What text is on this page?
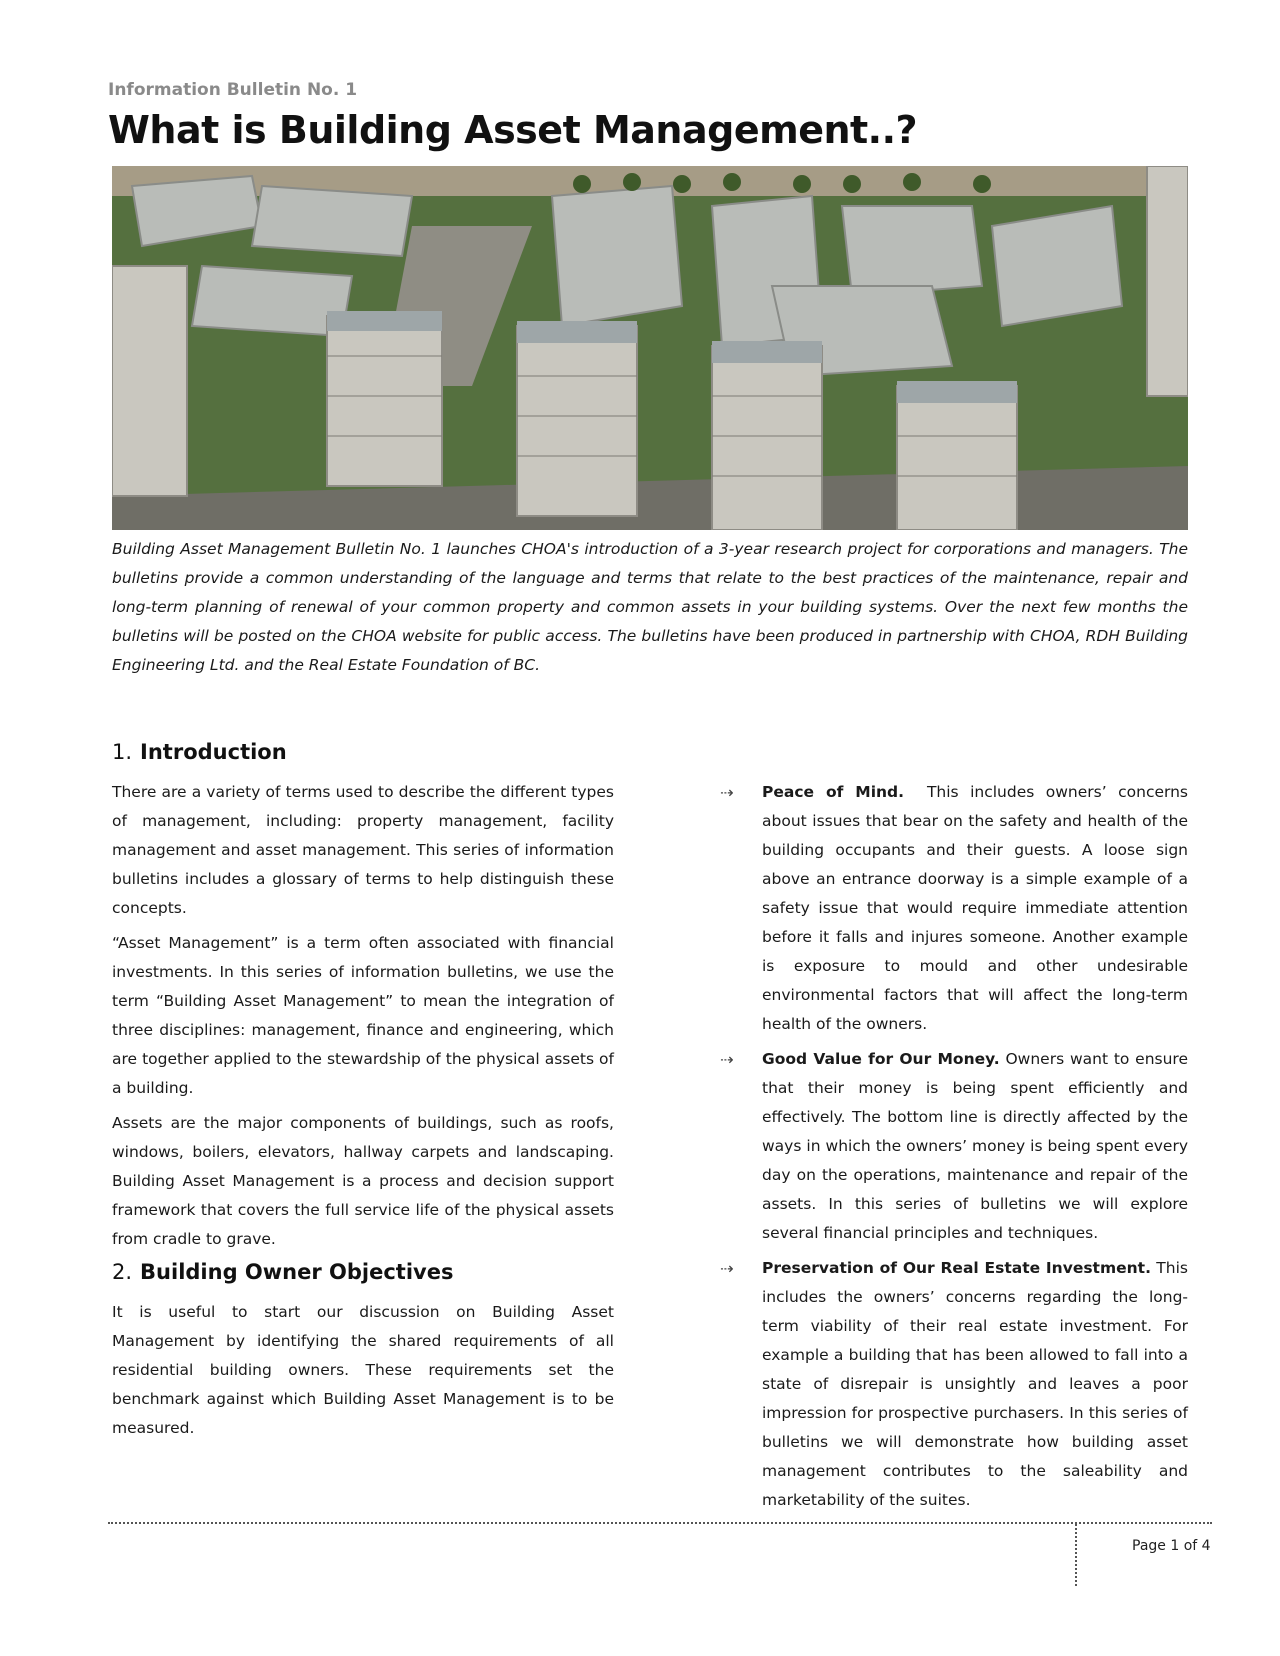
Information Bulletin No. 1
What is Building Asset Management..?

Building Asset Management Bulletin No. 1 launches CHOA's introduction of a 3-year research project for corporations and managers. The bulletins provide a common understanding of the language and terms that relate to the best practices of the maintenance, repair and long-term planning of renewal of your common property and common assets in your building systems. Over the next few months the bulletins will be posted on the CHOA website for public access. The bulletins have been produced in partnership with CHOA, RDH Building Engineering Ltd. and the Real Estate Foundation of BC.

1. Introduction

There are a variety of terms used to describe the different types of management, including: property management, facility management and asset management. This series of information bulletins includes a glossary of terms to help distinguish these concepts.

“Asset Management” is a term often associated with financial investments. In this series of information bulletins, we use the term “Building Asset Management” to mean the integration of three disciplines: management, finance and engineering, which are together applied to the stewardship of the physical assets of a building.

Assets are the major components of buildings, such as roofs, windows, boilers, elevators, hallway carpets and landscaping. Building Asset Management is a process and decision support framework that covers the full service life of the physical assets from cradle to grave.

2. Building Owner Objectives

It is useful to start our discussion on Building Asset Management by identifying the shared requirements of all residential building owners. These requirements set the benchmark against which Building Asset Management is to be measured.

⇢ Peace of Mind. This includes owners’ concerns about issues that bear on the safety and health of the building occupants and their guests. A loose sign above an entrance doorway is a simple example of a safety issue that would require immediate attention before it falls and injures someone. Another example is exposure to mould and other undesirable environmental factors that will affect the long-term health of the owners.

⇢ Good Value for Our Money. Owners want to ensure that their money is being spent efficiently and effectively. The bottom line is directly affected by the ways in which the owners’ money is being spent every day on the operations, maintenance and repair of the assets. In this series of bulletins we will explore several financial principles and techniques.

⇢ Preservation of Our Real Estate Investment. This includes the owners’ concerns regarding the long-term viability of their real estate investment. For example a building that has been allowed to fall into a state of disrepair is unsightly and leaves a poor impression for prospective purchasers. In this series of bulletins we will demonstrate how building asset management contributes to the saleability and marketability of the suites.

Page 1 of 4
